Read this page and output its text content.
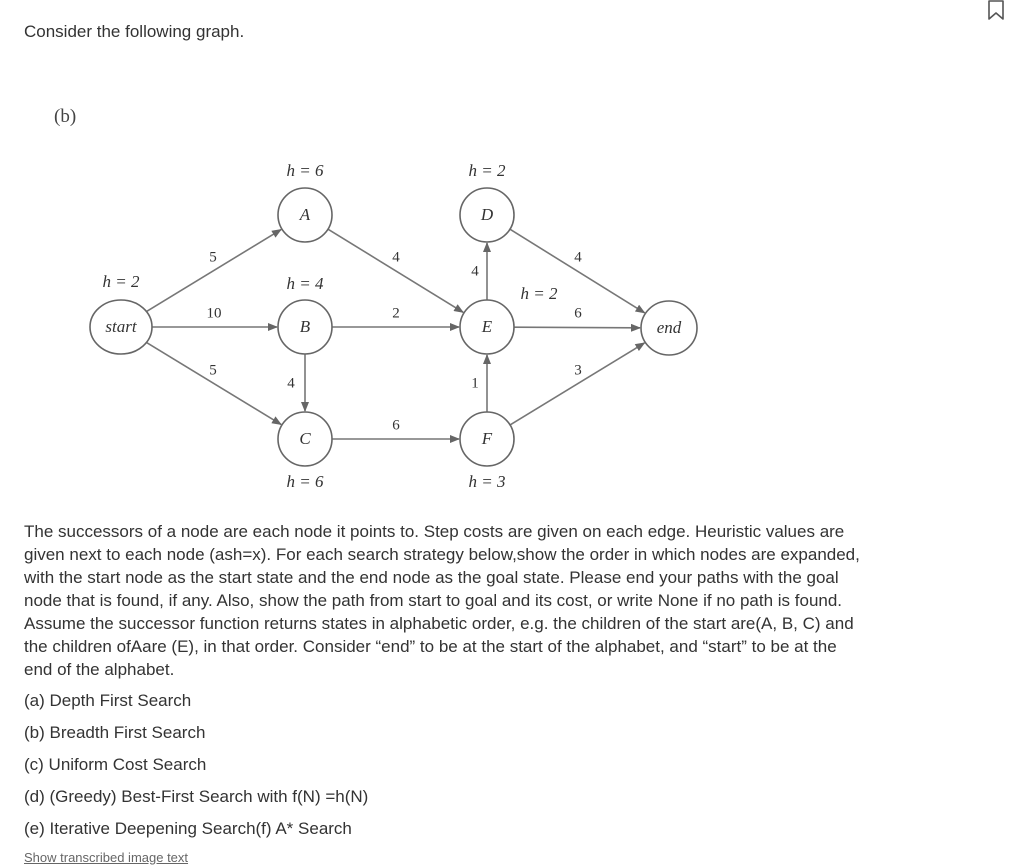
Consider the following graph.

(b)
5
10
5
4
2
4
6
4
1
4
6
3
start
A
B
C
D
E
F
end
h = 2
h = 6
h = 4
h = 6
h = 2
h = 2
h = 3

The successors of a node are each node it points to. Step costs are given on each edge. Heuristic values are given next to each node (ash=x). For each search strategy below,show the order in which nodes are expanded, with the start node as the start state and the end node as the goal state. Please end your paths with the goal node that is found, if any. Also, show the path from start to goal and its cost, or write None if no path is found. Assume the successor function returns states in alphabetic order, e.g. the children of the start are(A, B, C) and the children ofAare (E), in that order. Consider “end” to be at the start of the alphabet, and “start” to be at the end of the alphabet.

(a) Depth First Search
(b) Breadth First Search
(c) Uniform Cost Search
(d) (Greedy) Best-First Search with f(N) =h(N)
(e) Iterative Deepening Search(f) A* Search
Show transcribed image text
